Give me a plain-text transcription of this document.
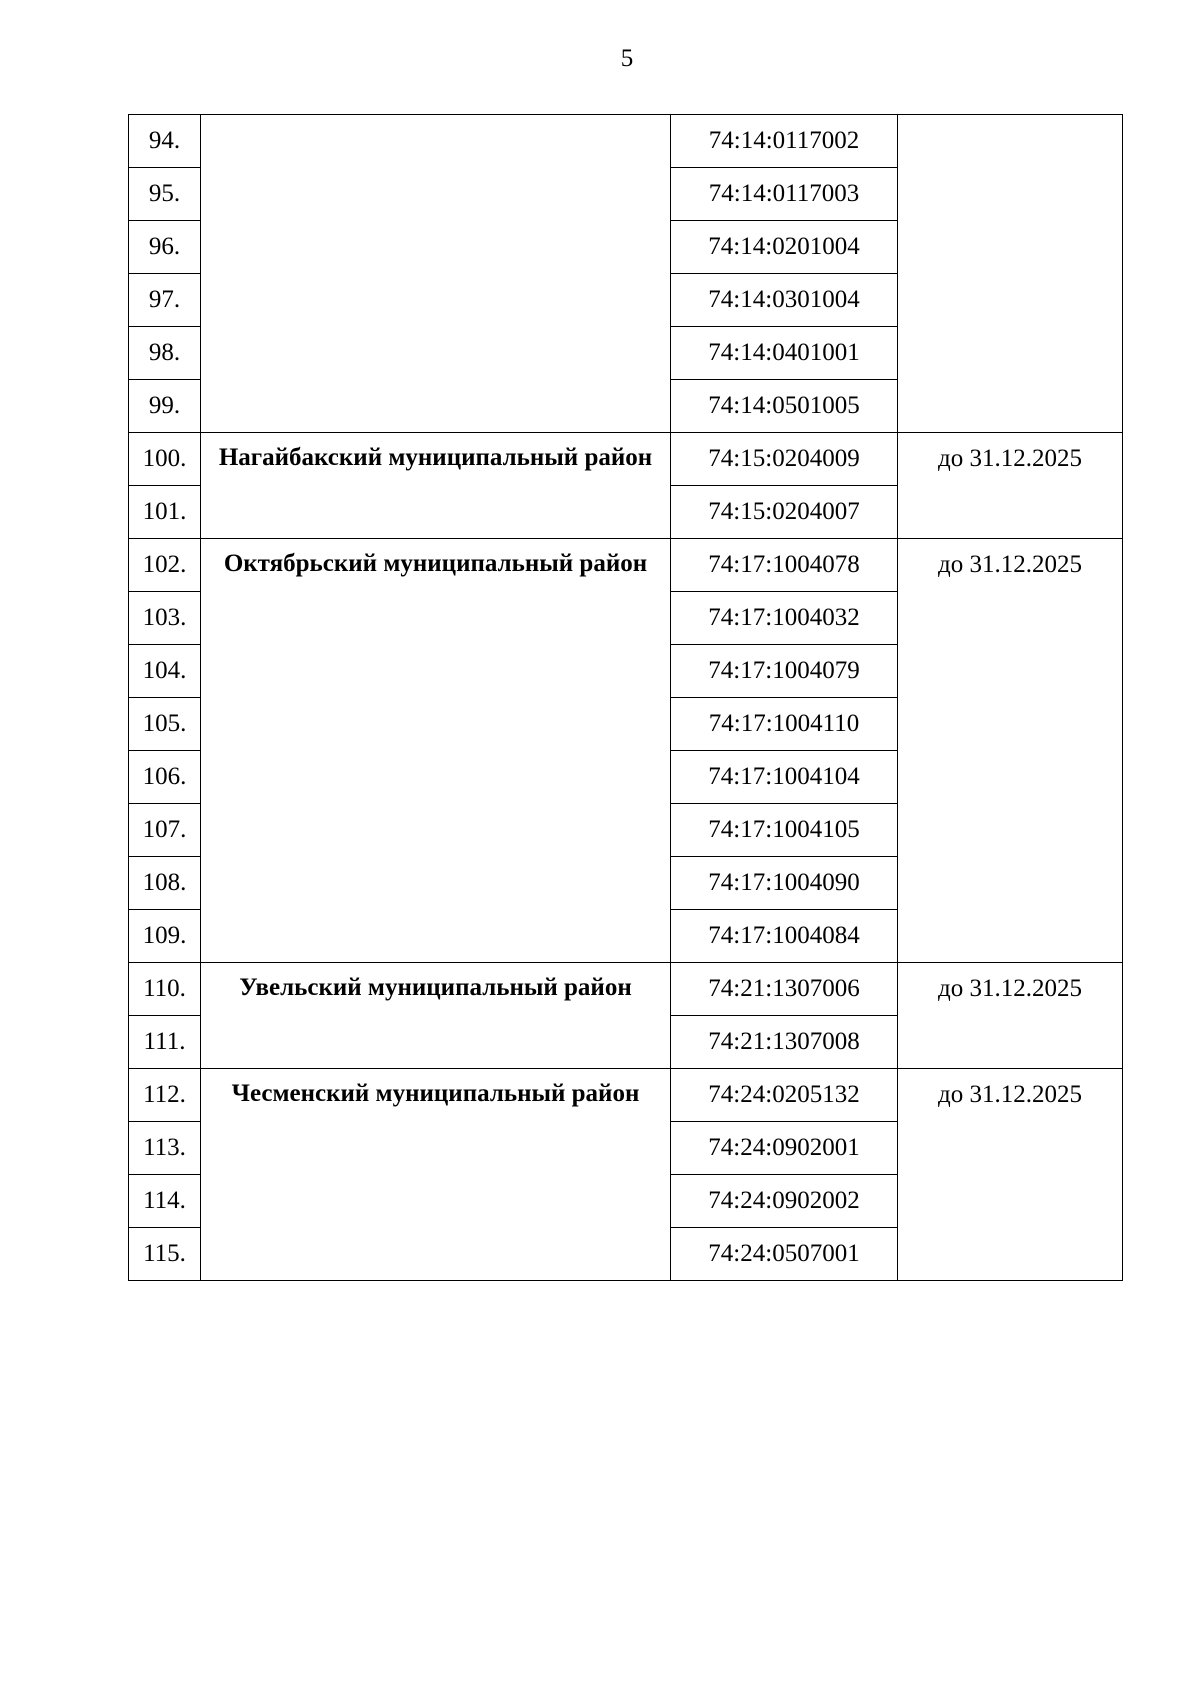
5
94.		74:14:0117002	
95.		74:14:0117003	
96.		74:14:0201004	
97.		74:14:0301004	
98.		74:14:0401001	
99.		74:14:0501005	
100.	Нагайбакский муниципальный район	74:15:0204009	до 31.12.2025
101.		74:15:0204007	
102.	Октябрьский муниципальный район	74:17:1004078	до 31.12.2025
103.		74:17:1004032	
104.		74:17:1004079	
105.		74:17:1004110	
106.		74:17:1004104	
107.		74:17:1004105	
108.		74:17:1004090	
109.		74:17:1004084	
110.	Увельский муниципальный район	74:21:1307006	до 31.12.2025
111.		74:21:1307008	
112.	Чесменский муниципальный район	74:24:0205132	до 31.12.2025
113.		74:24:0902001	
114.		74:24:0902002	
115.		74:24:0507001	
